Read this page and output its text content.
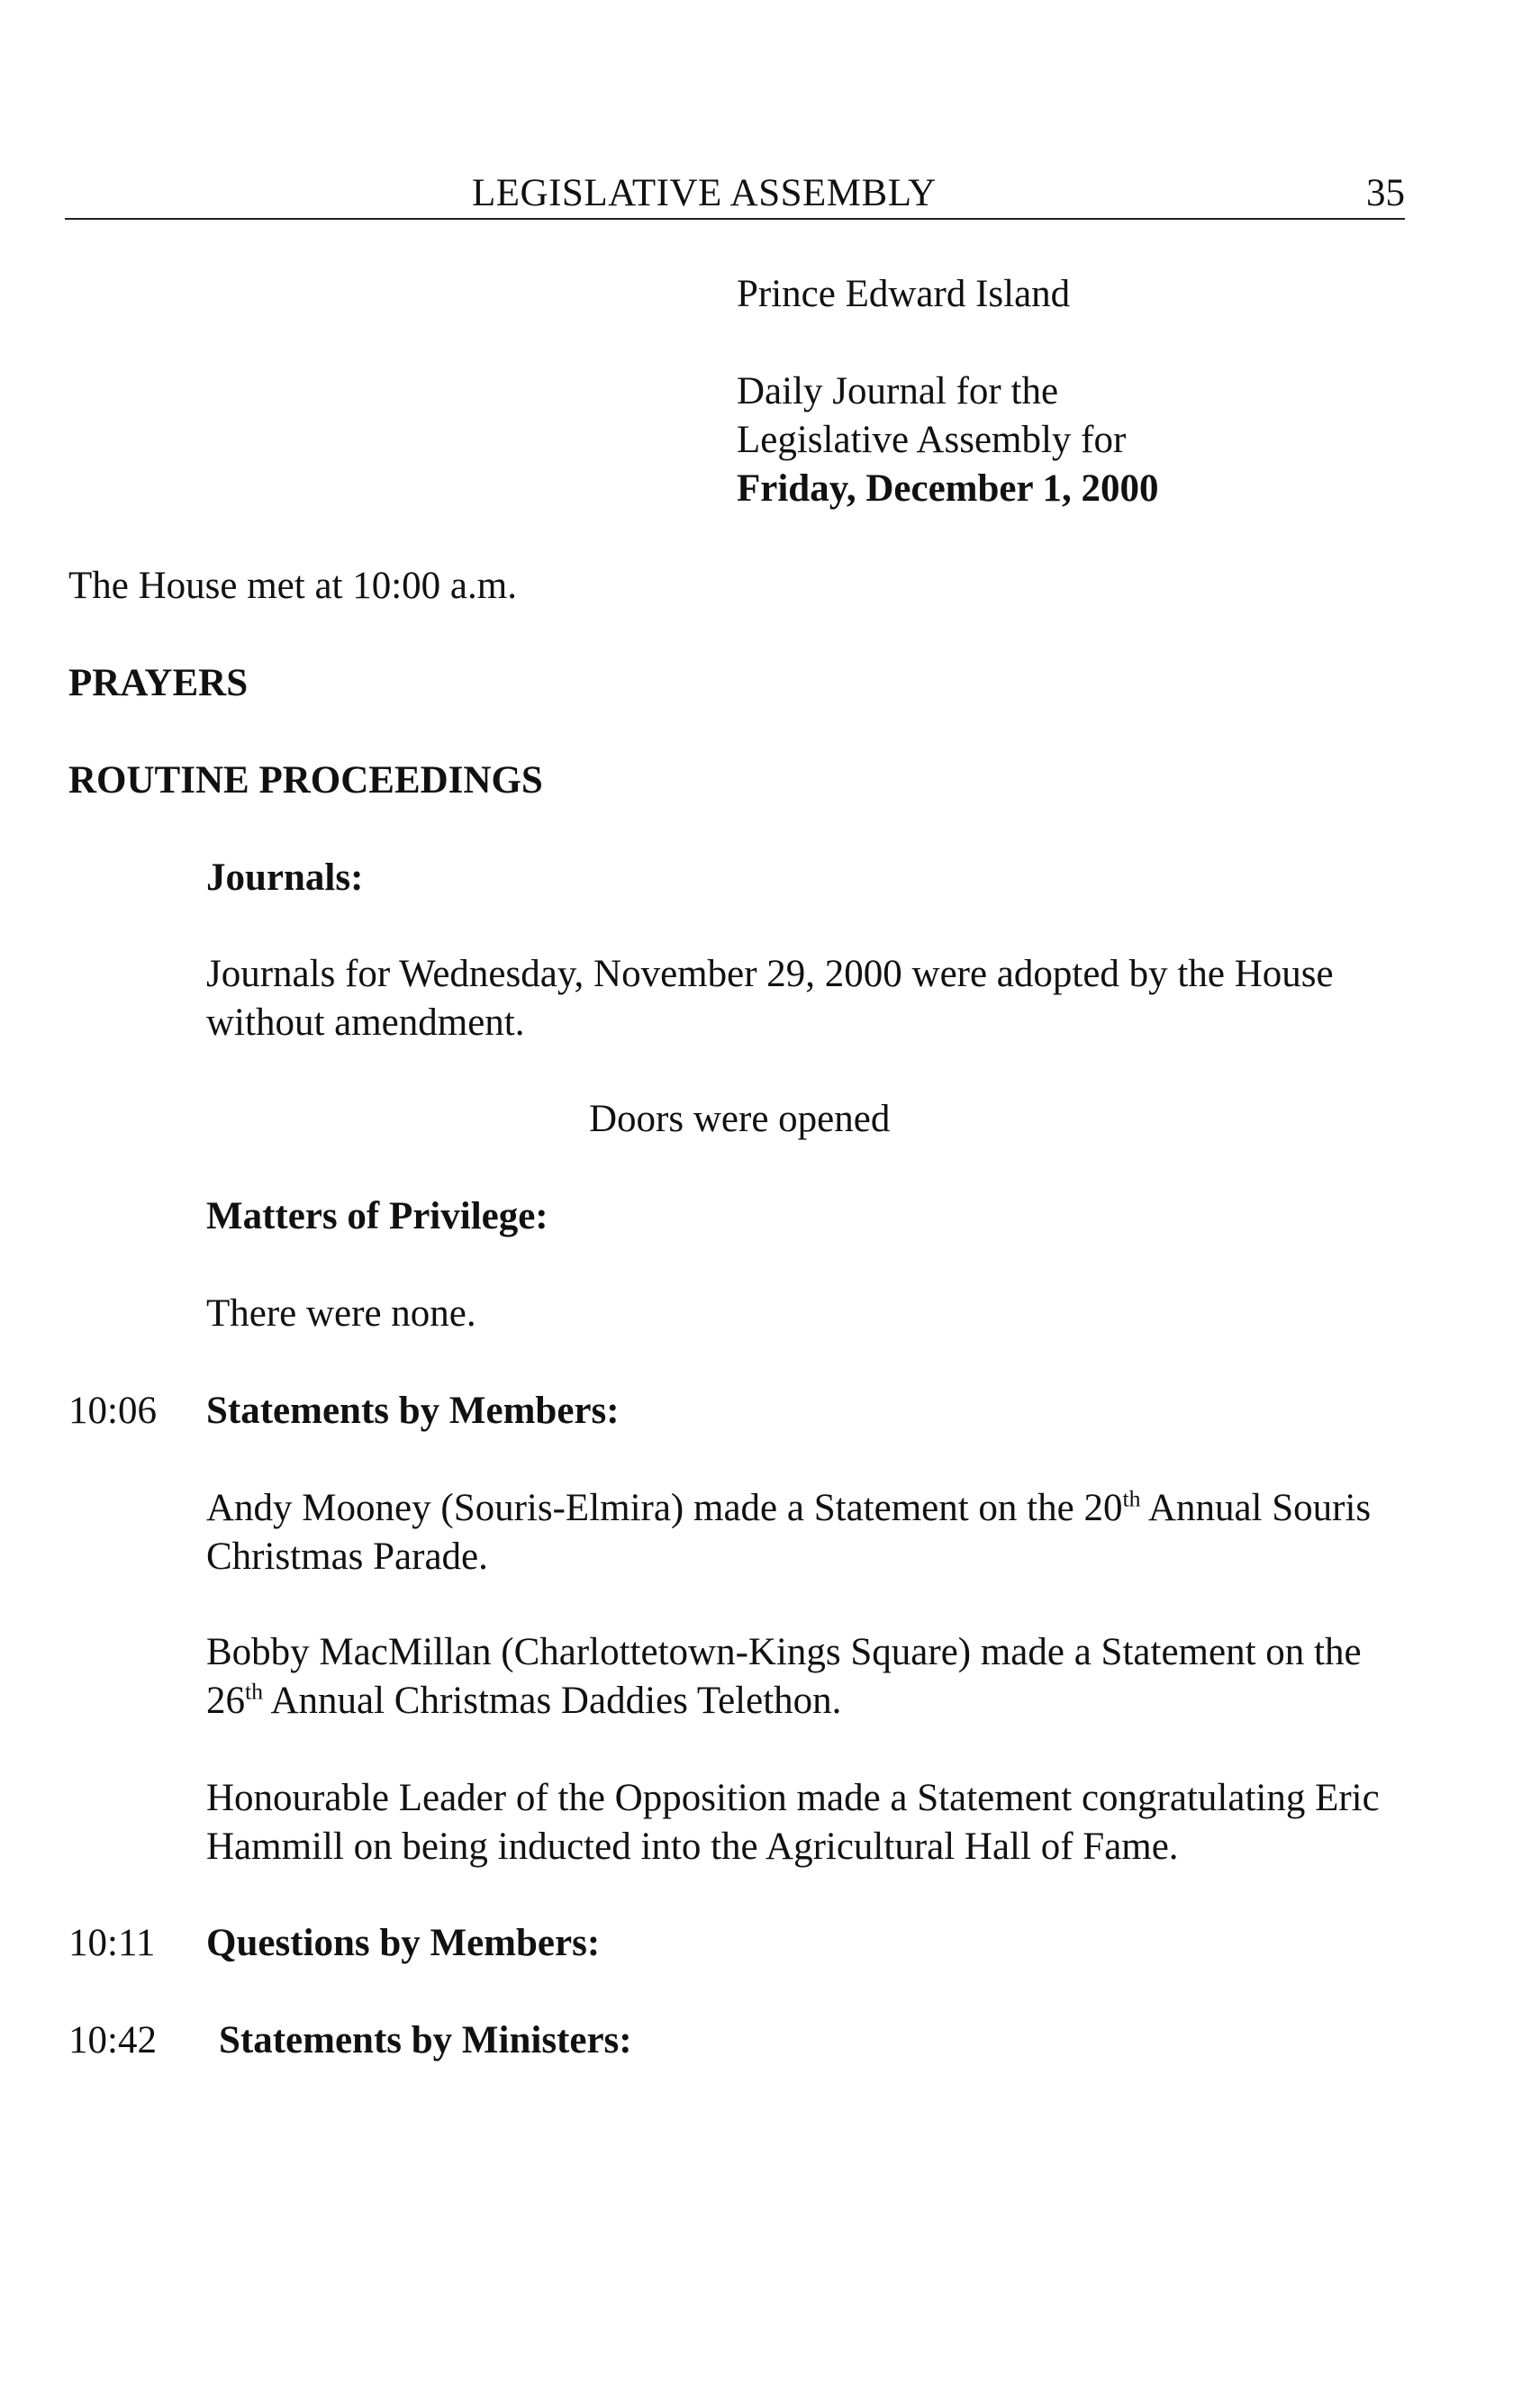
LEGISLATIVE ASSEMBLY	35
Prince Edward Island
Daily Journal for the
Legislative Assembly for
Friday, December 1, 2000
The House met at 10:00 a.m.
PRAYERS
ROUTINE PROCEEDINGS
Journals:
Journals for Wednesday, November 29, 2000 were adopted by the House
without amendment.
Doors were opened
Matters of Privilege:
There were none.
10:06 Statements by Members:
Andy Mooney (Souris-Elmira) made a Statement on the 20th Annual Souris
Christmas Parade.
Bobby MacMillan (Charlottetown-Kings Square) made a Statement on the
26th Annual Christmas Daddies Telethon.
Honourable Leader of the Opposition made a Statement congratulating Eric
Hammill on being inducted into the Agricultural Hall of Fame.
10:11 Questions by Members:
10:42 Statements by Ministers:
